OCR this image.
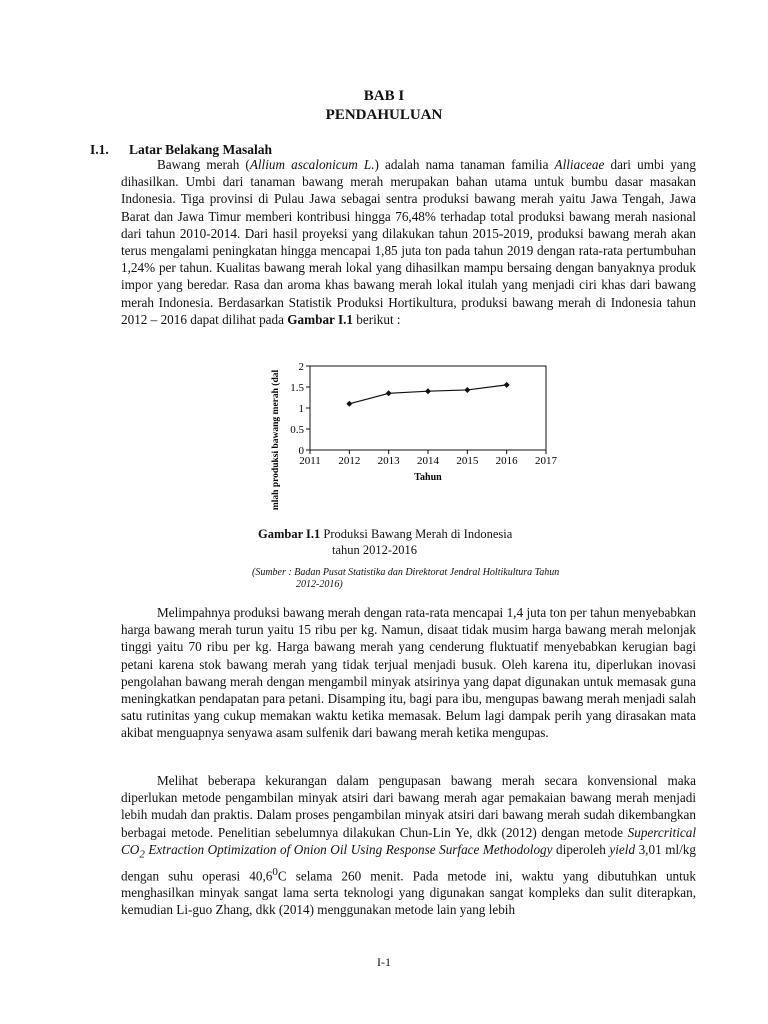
BAB I
PENDAHULUAN
I.1. Latar Belakang Masalah

Bawang merah (Allium ascalonicum L.) adalah nama tanaman familia Alliaceae dari umbi yang dihasilkan. Umbi dari tanaman bawang merah merupakan bahan utama untuk bumbu dasar masakan Indonesia. Tiga provinsi di Pulau Jawa sebagai sentra produksi bawang merah yaitu Jawa Tengah, Jawa Barat dan Jawa Timur memberi kontribusi hingga 76,48% terhadap total produksi bawang merah nasional dari tahun 2010-2014. Dari hasil proyeksi yang dilakukan tahun 2015-2019, produksi bawang merah akan terus mengalami peningkatan hingga mencapai 1,85 juta ton pada tahun 2019 dengan rata-rata pertumbuhan 1,24% per tahun. Kualitas bawang merah lokal yang dihasilkan mampu bersaing dengan banyaknya produk impor yang beredar. Rasa dan aroma khas bawang merah lokal itulah yang menjadi ciri khas dari bawang merah Indonesia. Berdasarkan Statistik Produksi Hortikultura, produksi bawang merah di Indonesia tahun 2012 – 2016 dapat dilihat pada Gambar I.1 berikut :

0
0.5
1
1.5
2
2011 2012 2013 2014 2015 2016 2017
Tahun
mlah produksi bawang merah (dal
Gambar I.1 Produksi Bawang Merah di Indonesia
tahun 2012-2016
(Sumber : Badan Pusat Statistika dan Direktorat Jendral Holtikultura Tahun
2012-2016)

Melimpahnya produksi bawang merah dengan rata-rata mencapai 1,4 juta ton per tahun menyebabkan harga bawang merah turun yaitu 15 ribu per kg. Namun, disaat tidak musim harga bawang merah melonjak tinggi yaitu 70 ribu per kg. Harga bawang merah yang cenderung fluktuatif menyebabkan kerugian bagi petani karena stok bawang merah yang tidak terjual menjadi busuk. Oleh karena itu, diperlukan inovasi pengolahan bawang merah dengan mengambil minyak atsirinya yang dapat digunakan untuk memasak guna meningkatkan pendapatan para petani. Disamping itu, bagi para ibu, mengupas bawang merah menjadi salah satu rutinitas yang cukup memakan waktu ketika memasak. Belum lagi dampak perih yang dirasakan mata akibat menguapnya senyawa asam sulfenik dari bawang merah ketika mengupas.

Melihat beberapa kekurangan dalam pengupasan bawang merah secara konvensional maka diperlukan metode pengambilan minyak atsiri dari bawang merah agar pemakaian bawang merah menjadi lebih mudah dan praktis. Dalam proses pengambilan minyak atsiri dari bawang merah sudah dikembangkan berbagai metode. Penelitian sebelumnya dilakukan Chun-Lin Ye, dkk (2012) dengan metode Supercritical $CO_2$ Extraction Optimization of Onion Oil Using Response Surface Methodology diperoleh yield 3,01 ml/kg dengan suhu operasi 40,6$^0$C selama 260 menit. Pada metode ini, waktu yang dibutuhkan untuk menghasilkan minyak sangat lama serta teknologi yang digunakan sangat kompleks dan sulit diterapkan, kemudian Li-guo Zhang, dkk (2014) menggunakan metode lain yang lebih

I-1
